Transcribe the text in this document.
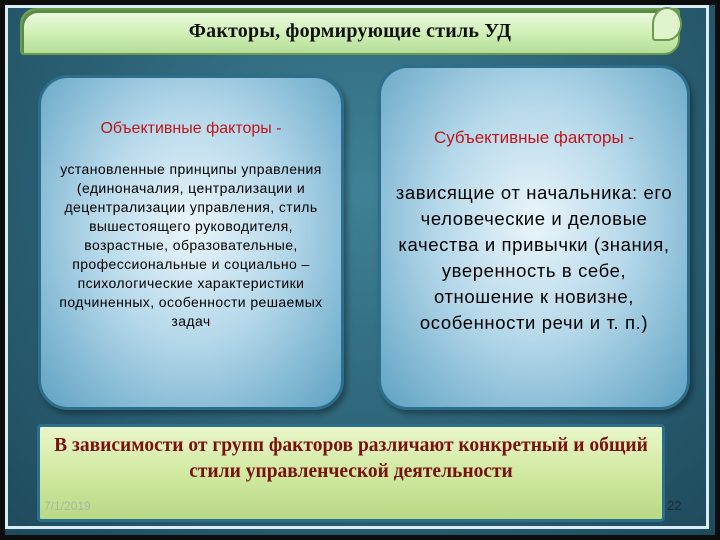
Факторы, формирующие стиль УД
Объективные факторы -
установленные принципы управления (единоначалия, централизации и децентрализации управления, стиль вышестоящего руководителя, возрастные, образовательные, профессиональные и социально – психологические характеристики подчиненных, особенности решаемых задач
Субъективные факторы -
зависящие от начальника: его человеческие и деловые качества и привычки (знания, уверенность в себе, отношение к новизне, особенности речи и т. п.)
В зависимости от групп факторов различают конкретный и общий стили управленческой деятельности
7/1/2019	22
